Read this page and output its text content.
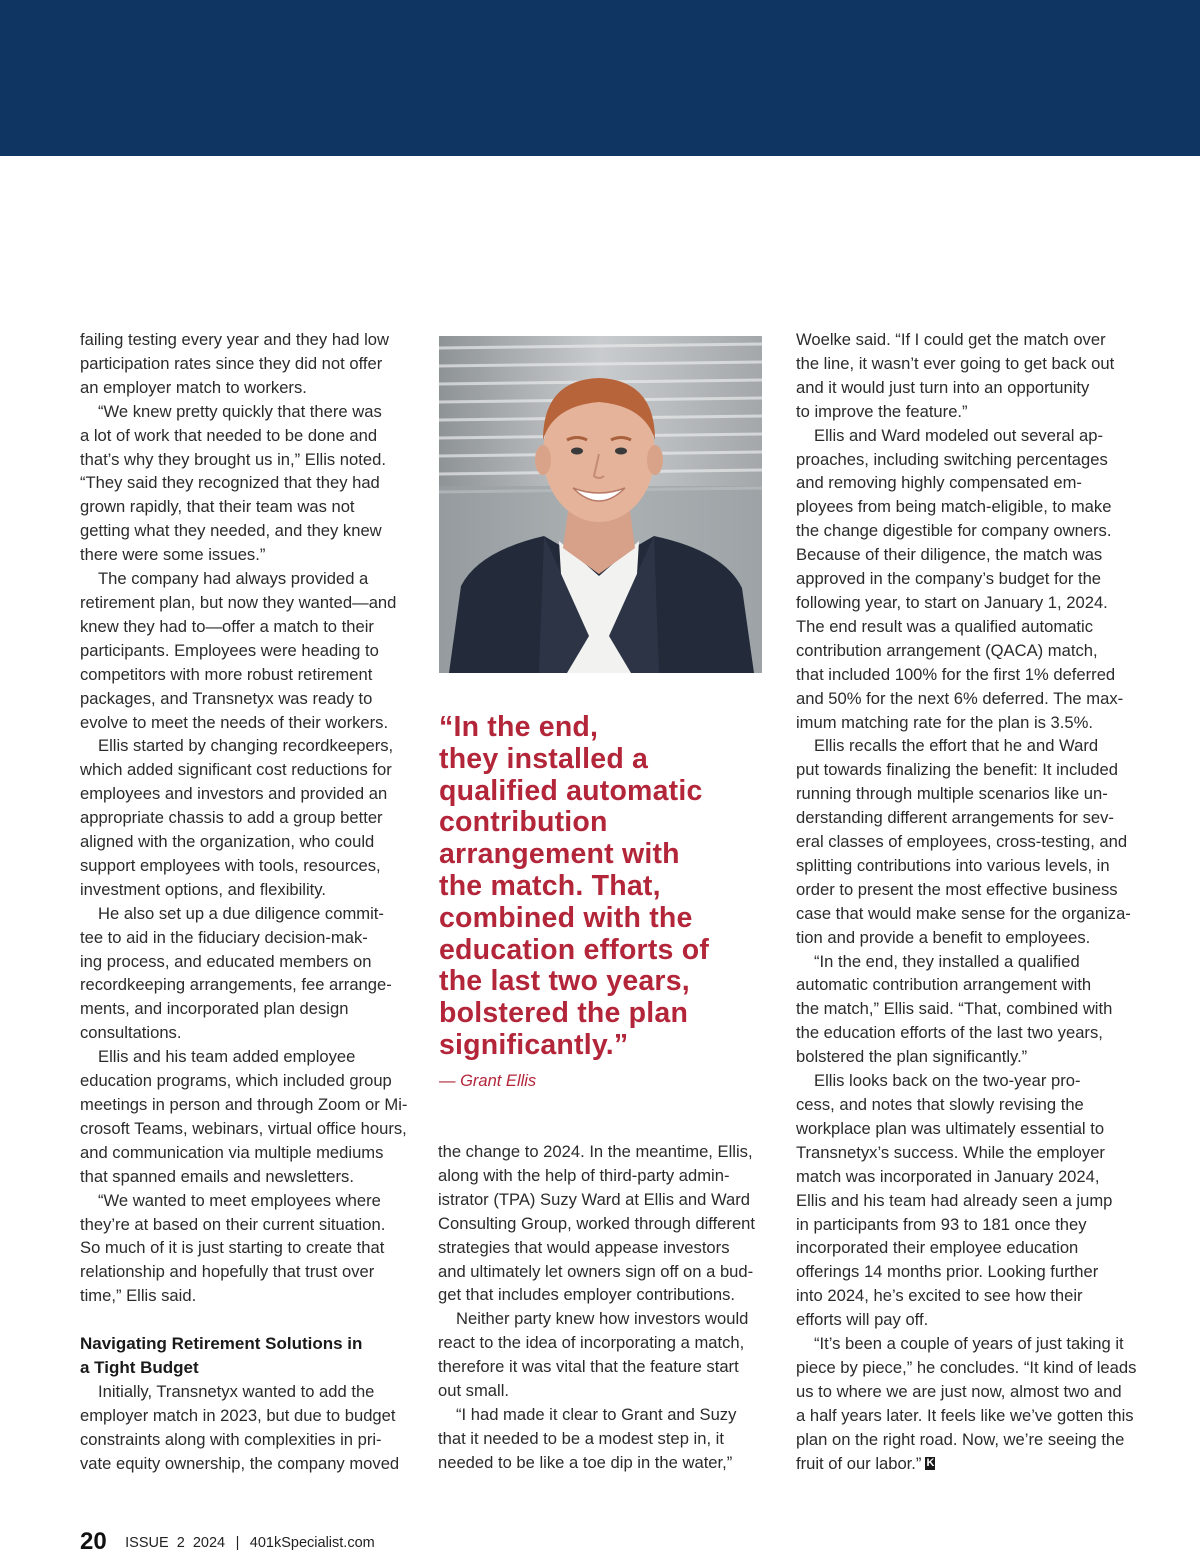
failing testing every year and they had low

participation rates since they did not offer

an employer match to workers.

“We knew pretty quickly that there was

a lot of work that needed to be done and

that’s why they brought us in,” Ellis noted.

“They said they recognized that they had

grown rapidly, that their team was not

getting what they needed, and they knew

there were some issues.”

The company had always provided a

retirement plan, but now they wanted—and

knew they had to—offer a match to their

participants. Employees were heading to

competitors with more robust retirement

packages, and Transnetyx was ready to

evolve to meet the needs of their workers.

Ellis started by changing recordkeepers,

which added significant cost reductions for

employees and investors and provided an

appropriate chassis to add a group better

aligned with the organization, who could

support employees with tools, resources,

investment options, and flexibility.

He also set up a due diligence commit-

tee to aid in the fiduciary decision-mak-

ing process, and educated members on

recordkeeping arrangements, fee arrange-

ments, and incorporated plan design

consultations.

Ellis and his team added employee

education programs, which included group

meetings in person and through Zoom or Mi-

crosoft Teams, webinars, virtual office hours,

and communication via multiple mediums

that spanned emails and newsletters.

“We wanted to meet employees where

they’re at based on their current situation.

So much of it is just starting to create that

relationship and hopefully that trust over

time,” Ellis said.

Navigating Retirement Solutions in

a Tight Budget

Initially, Transnetyx wanted to add the

employer match in 2023, but due to budget

constraints along with complexities in pri-

vate equity ownership, the company moved

“In the end,

they installed a

qualified automatic

contribution

arrangement with

the match. That,

combined with the

education efforts of

the last two years,

bolstered the plan

significantly.”

— Grant Ellis

the change to 2024. In the meantime, Ellis,

along with the help of third-party admin-

istrator (TPA) Suzy Ward at Ellis and Ward

Consulting Group, worked through different

strategies that would appease investors

and ultimately let owners sign off on a bud-

get that includes employer contributions.

Neither party knew how investors would

react to the idea of incorporating a match,

therefore it was vital that the feature start

out small.

“I had made it clear to Grant and Suzy

that it needed to be a modest step in, it

needed to be like a toe dip in the water,”

Woelke said. “If I could get the match over

the line, it wasn’t ever going to get back out

and it would just turn into an opportunity

to improve the feature.”

Ellis and Ward modeled out several ap-

proaches, including switching percentages

and removing highly compensated em-

ployees from being match-eligible, to make

the change digestible for company owners.

Because of their diligence, the match was

approved in the company’s budget for the

following year, to start on January 1, 2024.

The end result was a qualified automatic

contribution arrangement (QACA) match,

that included 100% for the first 1% deferred

and 50% for the next 6% deferred. The max-

imum matching rate for the plan is 3.5%.

Ellis recalls the effort that he and Ward

put towards finalizing the benefit: It included

running through multiple scenarios like un-

derstanding different arrangements for sev-

eral classes of employees, cross-testing, and

splitting contributions into various levels, in

order to present the most effective business

case that would make sense for the organiza-

tion and provide a benefit to employees.

“In the end, they installed a qualified

automatic contribution arrangement with

the match,” Ellis said. “That, combined with

the education efforts of the last two years,

bolstered the plan significantly.”

Ellis looks back on the two-year pro-

cess, and notes that slowly revising the

workplace plan was ultimately essential to

Transnetyx’s success. While the employer

match was incorporated in January 2024,

Ellis and his team had already seen a jump

in participants from 93 to 181 once they

incorporated their employee education

offerings 14 months prior. Looking further

into 2024, he’s excited to see how their

efforts will pay off.

“It’s been a couple of years of just taking it

piece by piece,” he concludes. “It kind of leads

us to where we are just now, almost two and

a half years later. It feels like we’ve gotten this

plan on the right road. Now, we’re seeing the

fruit of our labor.”K

20 ISSUE  2  2024 | 401kSpecialist.com
